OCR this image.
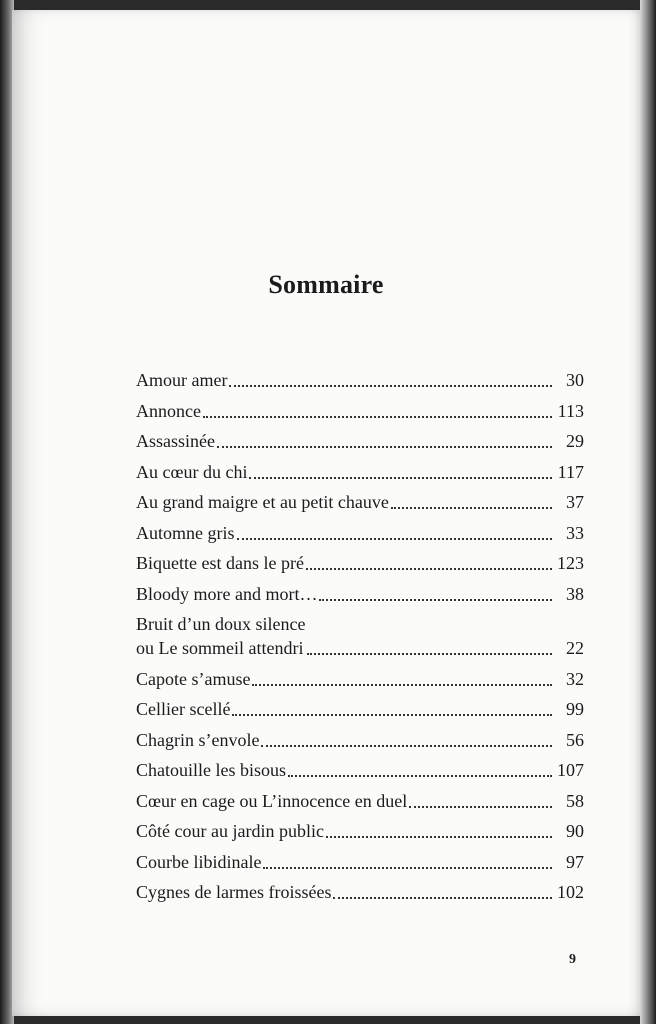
Sommaire
Amour amer	30
Annonce	113
Assassinée	29
Au cœur du chi	117
Au grand maigre et au petit chauve	37
Automne gris	33
Biquette est dans le pré	123
Bloody more and mort…	38
Bruit d’un doux silence
ou Le sommeil attendri	22
Capote s’amuse	32
Cellier scellé	99
Chagrin s’envole	56
Chatouille les bisous	107
Cœur en cage ou L’innocence en duel	58
Côté cour au jardin public	90
Courbe libidinale	97
Cygnes de larmes froissées	102
9
